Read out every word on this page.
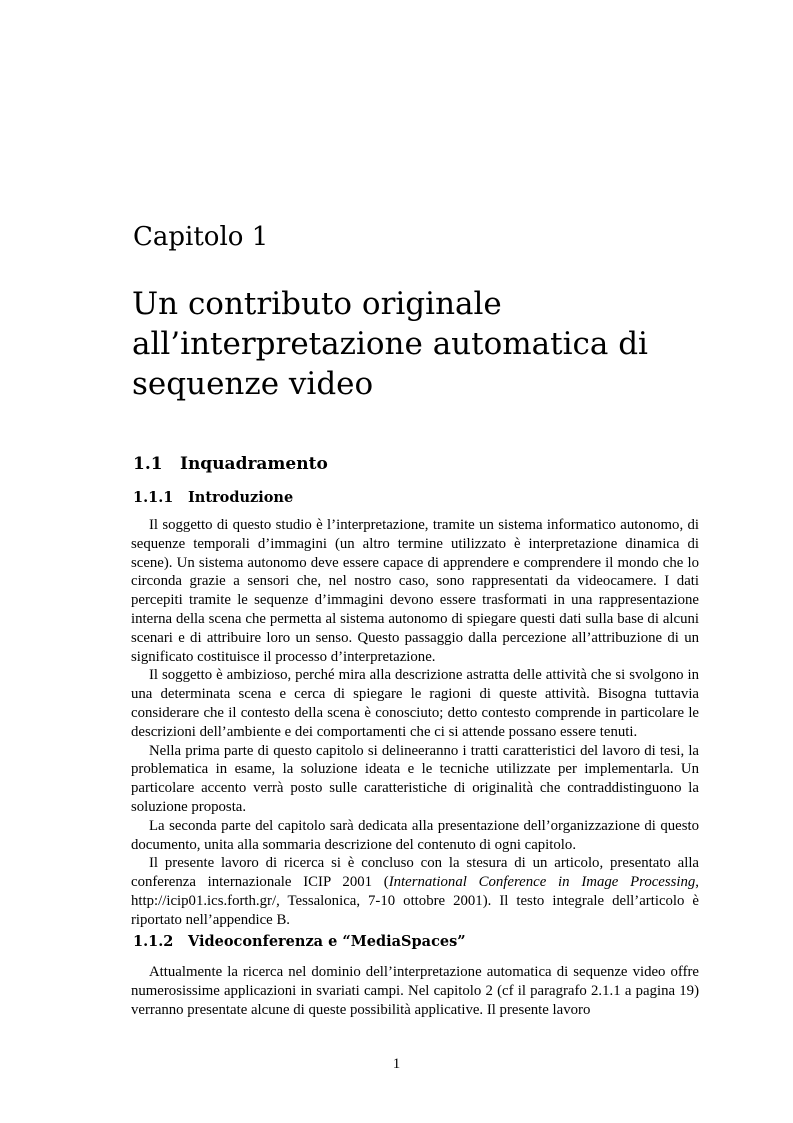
Capitolo 1
Un contributo originale all’interpretazione automatica di sequenze video
1.1 Inquadramento
1.1.1 Introduzione

Il soggetto di questo studio è l’interpretazione, tramite un sistema informatico autonomo, di sequenze temporali d’immagini (un altro termine utilizzato è interpretazione dinamica di scene). Un sistema autonomo deve essere capace di apprendere e comprendere il mondo che lo circonda grazie a sensori che, nel nostro caso, sono rappresentati da videocamere. I dati percepiti tramite le sequenze d’immagini devono essere trasformati in una rappresentazione interna della scena che permetta al sistema autonomo di spiegare questi dati sulla base di alcuni scenari e di attribuire loro un senso. Questo passaggio dalla percezione all’attribuzione di un significato costituisce il processo d’interpretazione.

Il soggetto è ambizioso, perché mira alla descrizione astratta delle attività che si svolgono in una determinata scena e cerca di spiegare le ragioni di queste attività. Bisogna tuttavia considerare che il contesto della scena è conosciuto; detto contesto comprende in particolare le descrizioni dell’ambiente e dei comportamenti che ci si attende possano essere tenuti.

Nella prima parte di questo capitolo si delineeranno i tratti caratteristici del lavoro di tesi, la problematica in esame, la soluzione ideata e le tecniche utilizzate per implementarla. Un particolare accento verrà posto sulle caratteristiche di originalità che contraddistinguono la soluzione proposta.

La seconda parte del capitolo sarà dedicata alla presentazione dell’organizzazione di questo documento, unita alla sommaria descrizione del contenuto di ogni capitolo.

Il presente lavoro di ricerca si è concluso con la stesura di un articolo, presentato alla conferenza internazionale ICIP 2001 (International Conference in Image Processing, http://icip01.ics.forth.gr/, Tessalonica, 7-10 ottobre 2001). Il testo integrale dell’articolo è riportato nell’appendice B.

1.1.2 Videoconferenza e “MediaSpaces”

Attualmente la ricerca nel dominio dell’interpretazione automatica di sequenze video offre numerosissime applicazioni in svariati campi. Nel capitolo 2 (cf il paragrafo 2.1.1 a pagina 19) verranno presentate alcune di queste possibilità applicative. Il presente lavoro

1
